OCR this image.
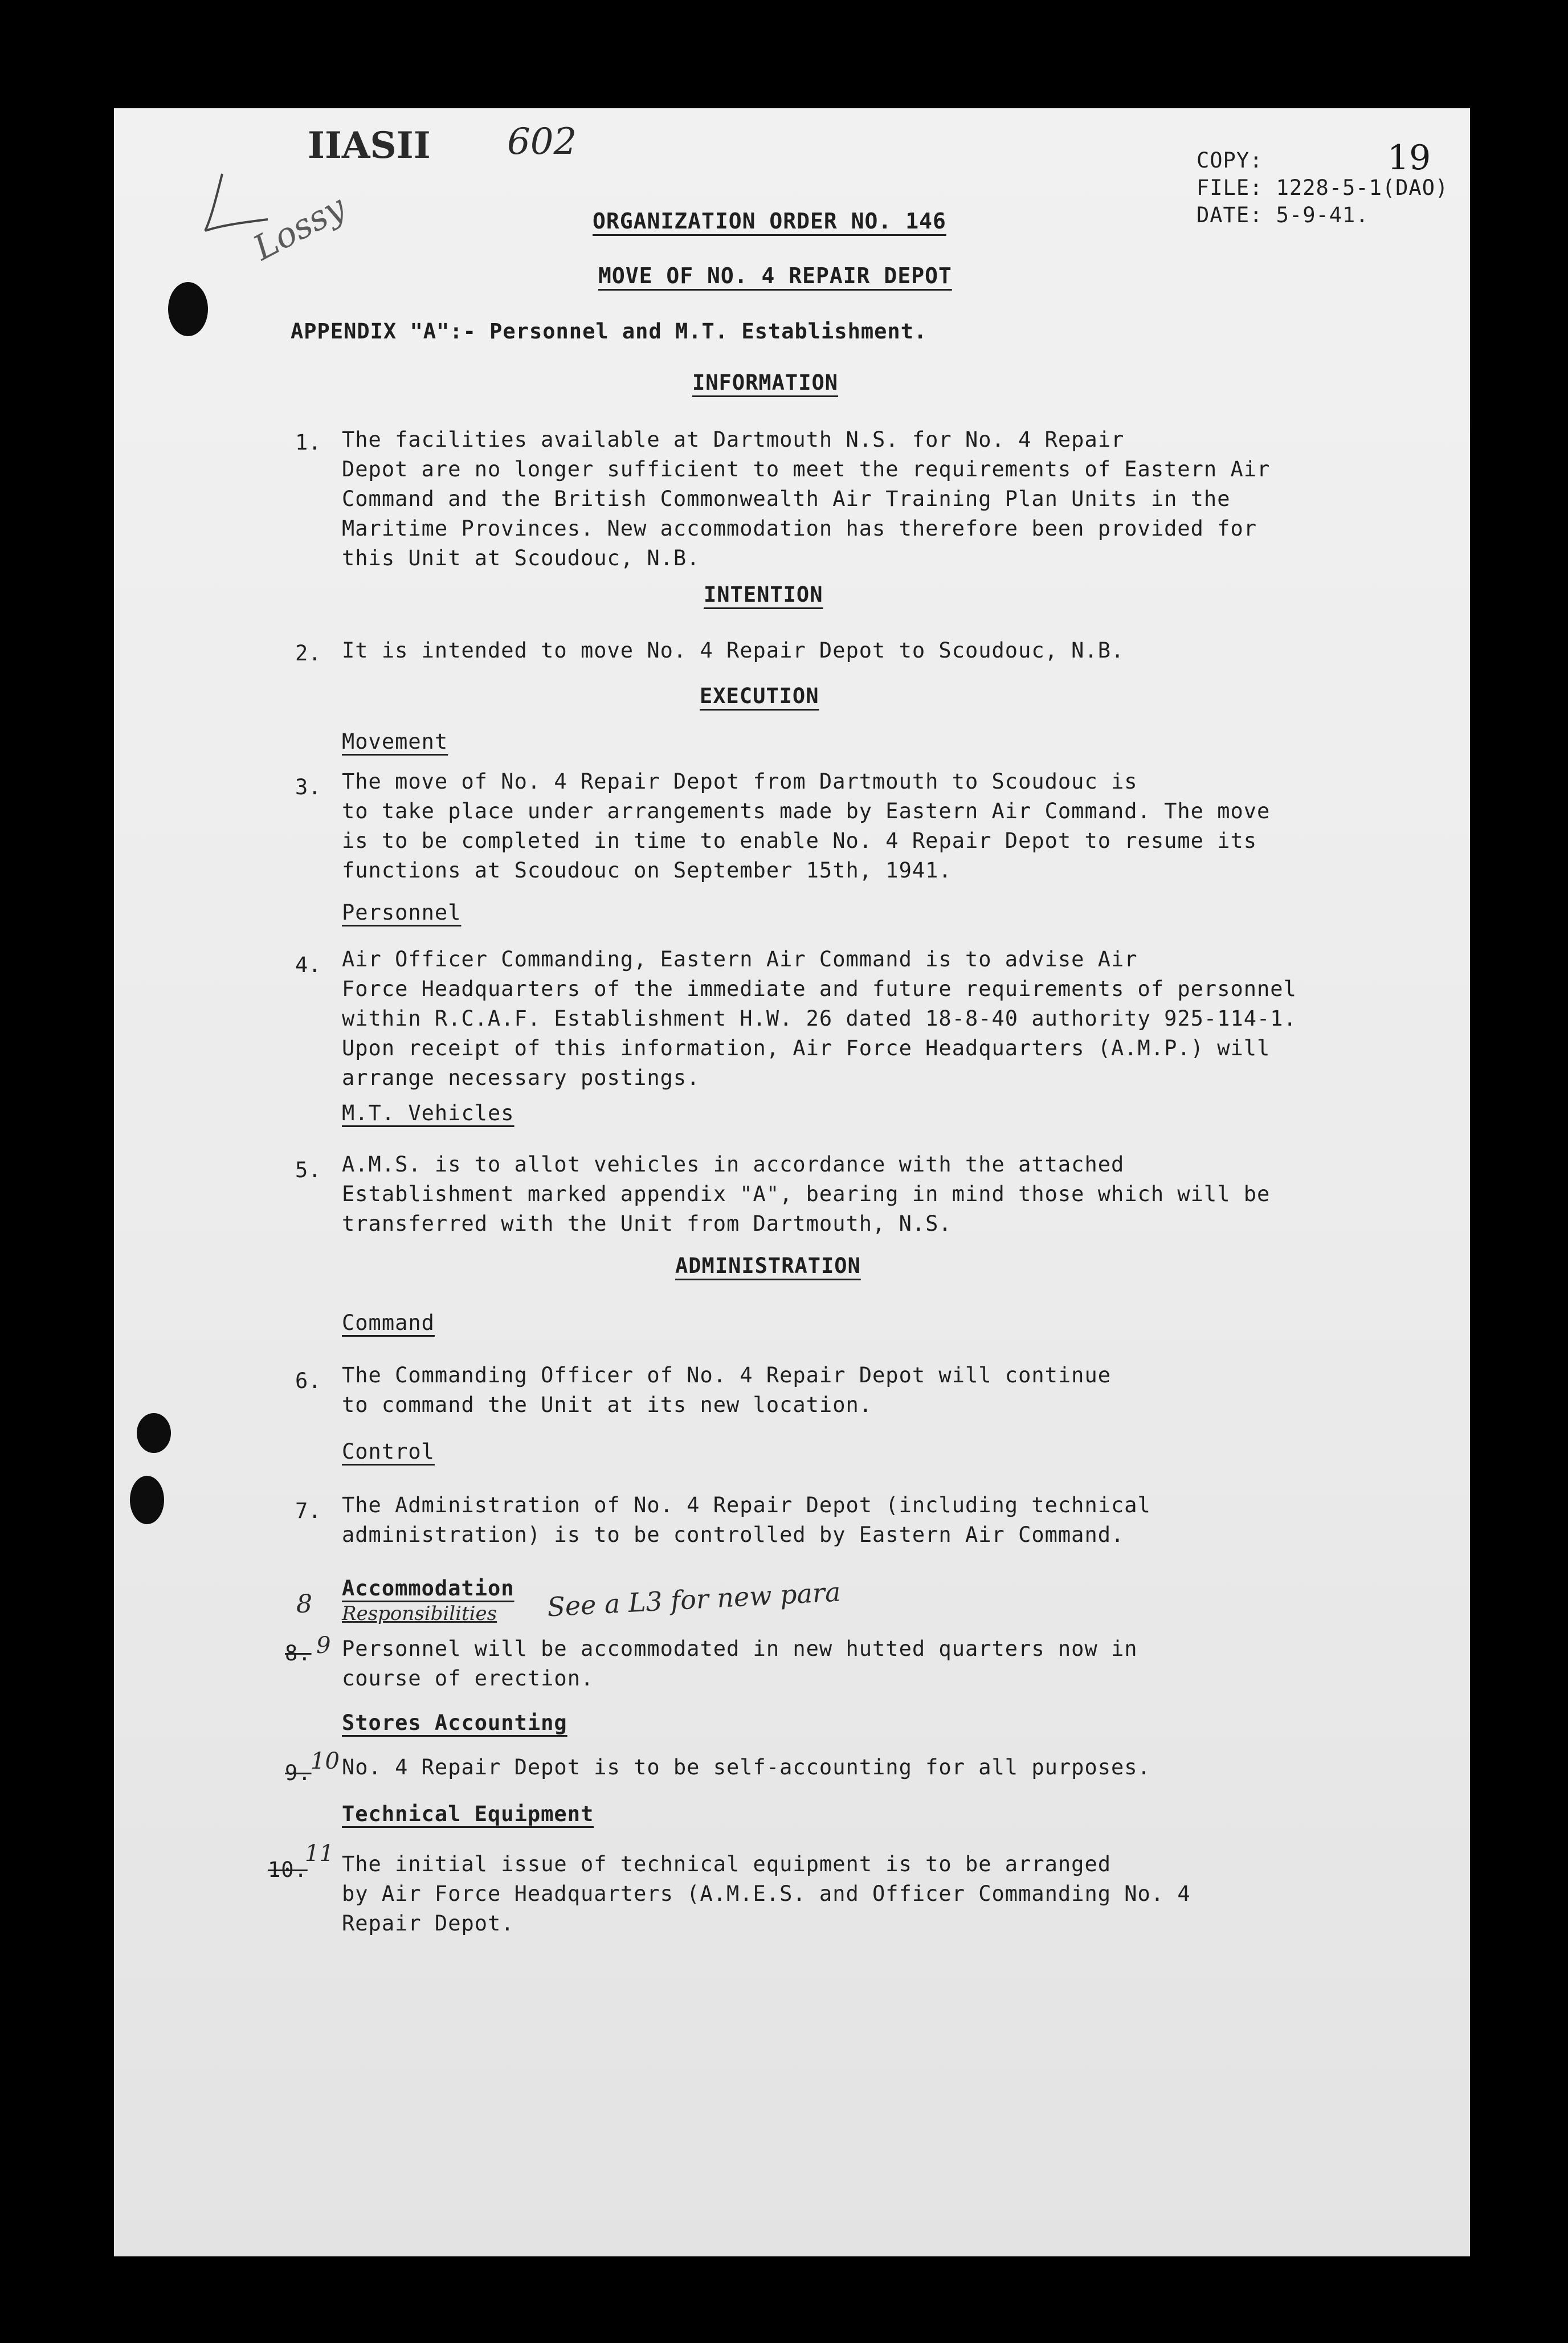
IIASII 602
Lossy
COPY:	19
FILE: 1228-5-1(DAO)
DATE: 5-9-41.
ORGANIZATION ORDER NO. 146
MOVE OF NO. 4 REPAIR DEPOT
APPENDIX "A":- Personnel and M.T. Establishment.
INFORMATION
1. The facilities available at Dartmouth N.S. for No. 4 Repair
Depot are no longer sufficient to meet the requirements of Eastern Air
Command and the British Commonwealth Air Training Plan Units in the
Maritime Provinces. New accommodation has therefore been provided for
this Unit at Scoudouc, N.B.
INTENTION
2. It is intended to move No. 4 Repair Depot to Scoudouc, N.B.
EXECUTION
Movement
3. The move of No. 4 Repair Depot from Dartmouth to Scoudouc is
to take place under arrangements made by Eastern Air Command. The move
is to be completed in time to enable No. 4 Repair Depot to resume its
functions at Scoudouc on September 15th, 1941.
Personnel
4. Air Officer Commanding, Eastern Air Command is to advise Air
Force Headquarters of the immediate and future requirements of personnel
within R.C.A.F. Establishment H.W. 26 dated 18-8-40 authority 925-114-1.
Upon receipt of this information, Air Force Headquarters (A.M.P.) will
arrange necessary postings.
M.T. Vehicles
5. A.M.S. is to allot vehicles in accordance with the attached
Establishment marked appendix "A", bearing in mind those which will be
transferred with the Unit from Dartmouth, N.S.
ADMINISTRATION
Command
6. The Commanding Officer of No. 4 Repair Depot will continue
to command the Unit at its new location.
Control
7. The Administration of No. 4 Repair Depot (including technical
administration) is to be controlled by Eastern Air Command.
Accommodation
8 Responsibilities See a L3 for new para
8. 9 Personnel will be accommodated in new hutted quarters now in
course of erection.
Stores Accounting
9.
10 No. 4 Repair Depot is to be self-accounting for all purposes.
Technical Equipment
10.
11 The initial issue of technical equipment is to be arranged
by Air Force Headquarters (A.M.E.S. and Officer Commanding No. 4
Repair Depot.
